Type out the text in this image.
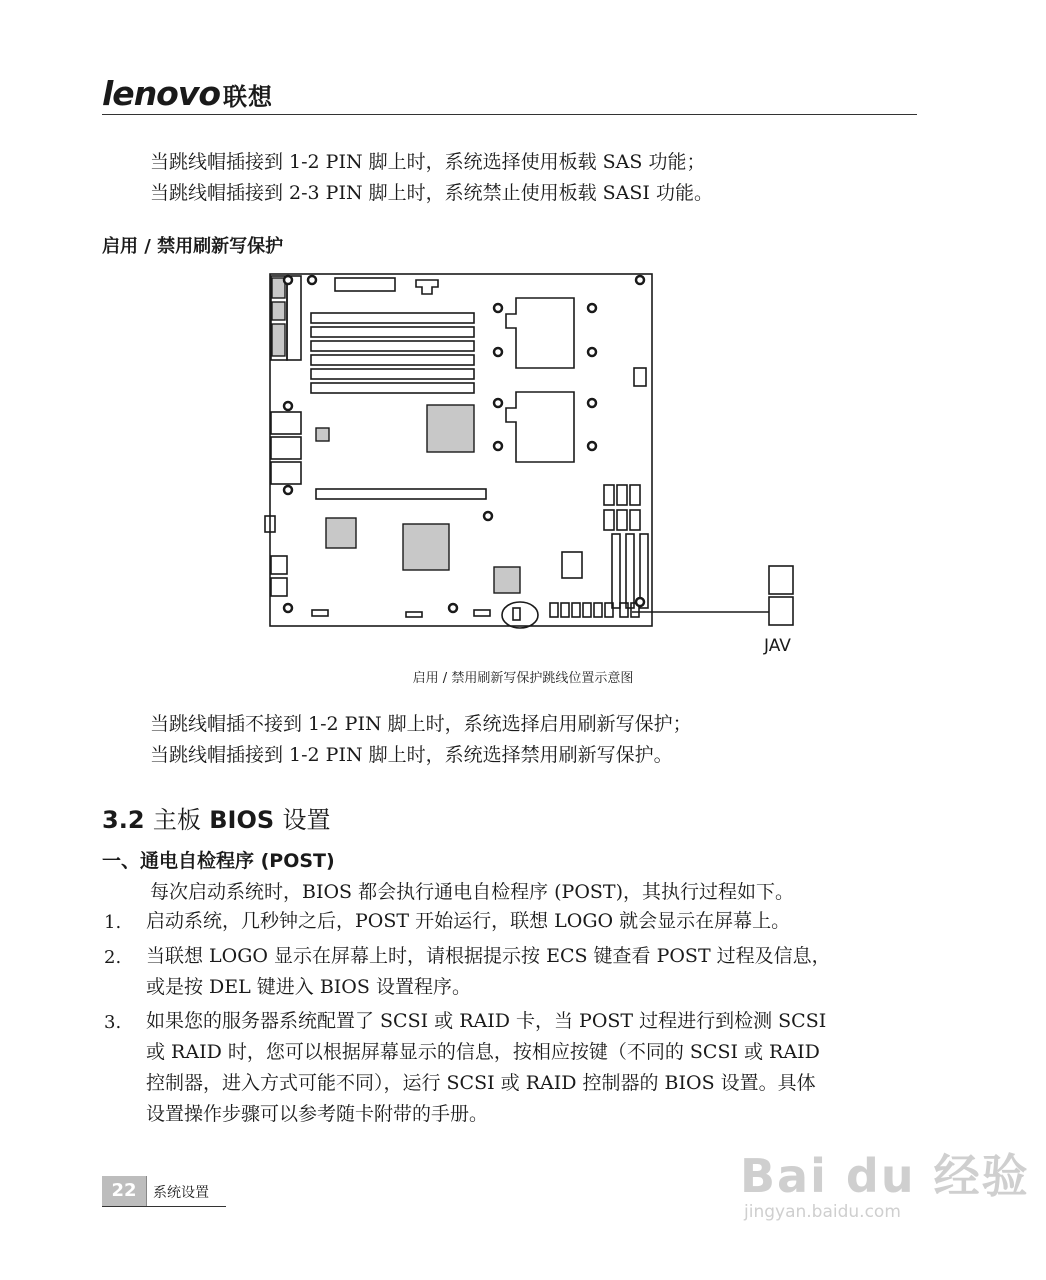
lenovo 联想
当跳线帽插接到 1-2 PIN 脚上时，系统选择使用板载 SAS 功能；
当跳线帽插接到 2-3 PIN 脚上时，系统禁止使用板载 SASI 功能。
启用 / 禁用刷新写保护
JAV
启用 / 禁用刷新写保护跳线位置示意图
当跳线帽插不接到 1-2 PIN 脚上时，系统选择启用刷新写保护；
当跳线帽插接到 1-2 PIN 脚上时，系统选择禁用刷新写保护。
3.2 主板 BIOS 设置
一、通电自检程序 (POST)
每次启动系统时，BIOS 都会执行通电自检程序 (POST)，其执行过程如下。
1. 启动系统，几秒钟之后，POST 开始运行，联想 LOGO 就会显示在屏幕上。
2. 当联想 LOGO 显示在屏幕上时，请根据提示按 ECS 键查看 POST 过程及信息，
或是按 DEL 键进入 BIOS 设置程序。
3. 如果您的服务器系统配置了 SCSI 或 RAID 卡，当 POST 过程进行到检测 SCSI
或 RAID 时，您可以根据屏幕显示的信息，按相应按键（不同的 SCSI 或 RAID
控制器，进入方式可能不同），运行 SCSI 或 RAID 控制器的 BIOS 设置。具体
设置操作步骤可以参考随卡附带的手册。
22	系统设置	Bai du 经验
jingyan.baidu.com
